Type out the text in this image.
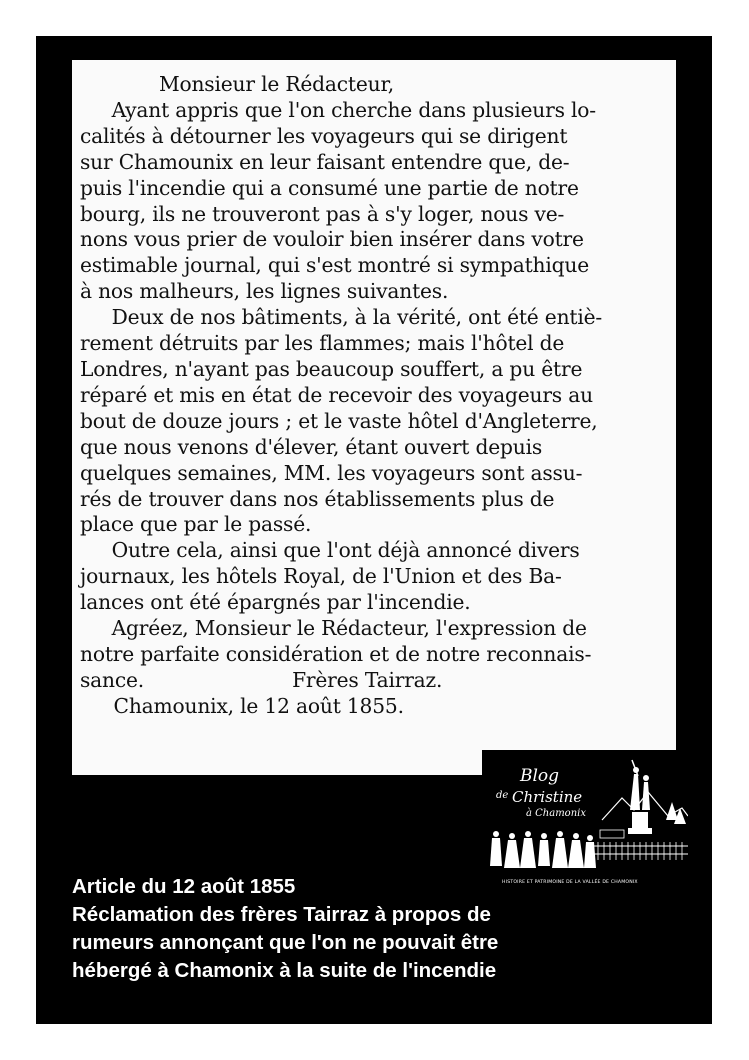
Monsieur le Rédacteur,
Ayant appris que l'on cherche dans plusieurs lo-
calités à détourner les voyageurs qui se dirigent
sur Chamounix en leur faisant entendre que, de-
puis l'incendie qui a consumé une partie de notre
bourg, ils ne trouveront pas à s'y loger, nous ve-
nons vous prier de vouloir bien insérer dans votre
estimable journal, qui s'est montré si sympathique
à nos malheurs, les lignes suivantes.
Deux de nos bâtiments, à la vérité, ont été entiè-
rement détruits par les flammes; mais l'hôtel de
Londres, n'ayant pas beaucoup souffert, a pu être
réparé et mis en état de recevoir des voyageurs au
bout de douze jours ; et le vaste hôtel d'Angleterre,
que nous venons d'élever, étant ouvert depuis
quelques semaines, MM. les voyageurs sont assu-
rés de trouver dans nos établissements plus de
place que par le passé.
Outre cela, ainsi que l'ont déjà annoncé divers
journaux, les hôtels Royal, de l'Union et des Ba-
lances ont été épargnés par l'incendie.
Agréez, Monsieur le Rédacteur, l'expression de
notre parfaite considération et de notre reconnais-
sance.	Frères Tairraz.
Chamounix, le 12 août 1855.
Blog
de Christine
à Chamonix
HISTOIRE ET PATRIMOINE DE LA VALLÉE DE CHAMONIX
Article du 12 août 1855
Réclamation des frères Tairraz à propos de
rumeurs annonçant que l'on ne pouvait être
hébergé à Chamonix à la suite de l'incendie
